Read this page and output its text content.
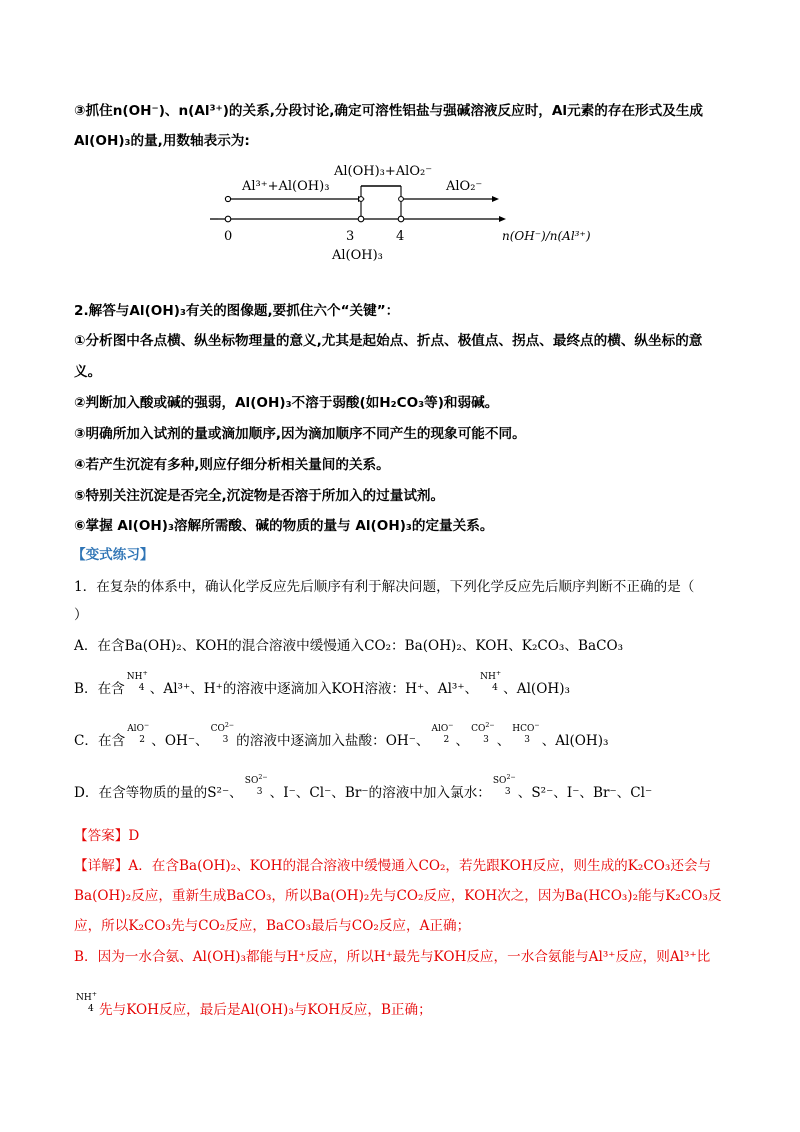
③抓住n(OH⁻)、n(Al³⁺)的关系,分段讨论,确定可溶性铝盐与强碱溶液反应时，Al元素的存在形式及生成
Al(OH)₃的量,用数轴表示为:
Al³⁺+Al(OH)₃
Al(OH)₃+AlO₂⁻
AlO₂⁻
0	3	4
Al(OH)₃
n(OH⁻)/n(Al³⁺)
2.解答与Al(OH)₃有关的图像题,要抓住六个“关键”：
①分析图中各点横、纵坐标物理量的意义,尤其是起始点、折点、极值点、拐点、最终点的横、纵坐标的意
义。
②判断加入酸或碱的强弱，Al(OH)₃不溶于弱酸(如H₂CO₃等)和弱碱。
③明确所加入试剂的量或滴加顺序,因为滴加顺序不同产生的现象可能不同。
④若产生沉淀有多种,则应仔细分析相关量间的关系。
⑤特别关注沉淀是否完全,沉淀物是否溶于所加入的过量试剂。
⑥掌握 Al(OH)₃溶解所需酸、碱的物质的量与 Al(OH)₃的定量关系。
【变式练习】
1．在复杂的体系中，确认化学反应先后顺序有利于解决问题，下列化学反应先后顺序判断不正确的是（
）
A．在含Ba(OH)₂、KOH的混合溶液中缓慢通入CO₂：Ba(OH)₂、KOH、K₂CO₃、BaCO₃
B．在含
NH+
4 、Al³⁺、H⁺的溶液中逐滴加入KOH溶液：H⁺、Al³⁺、
NH+
4 、Al(OH)₃
C．在含
AlO−
2 、OH⁻、
$CO^{2-}$
3 的溶液中逐滴加入盐酸：OH⁻、
AlO−
2 、
$CO^{2-}$
3 、
HCO−
3 、Al(OH)₃
D．在含等物质的量的S²⁻、
$SO^{2-}$
3 、I⁻、Cl⁻、Br⁻的溶液中加入氯水：
$SO^{2-}$
3 、S²⁻、I⁻、Br⁻、Cl⁻
【答案】D
【详解】A．在含Ba(OH)₂、KOH的混合溶液中缓慢通入CO₂，若先跟KOH反应，则生成的K₂CO₃还会与
Ba(OH)₂反应，重新生成BaCO₃，所以Ba(OH)₂先与CO₂反应，KOH次之，因为Ba(HCO₃)₂能与K₂CO₃反
应，所以K₂CO₃先与CO₂反应，BaCO₃最后与CO₂反应，A正确；
B．因为一水合氨、Al(OH)₃都能与H⁺反应，所以H⁺最先与KOH反应，一水合氨能与Al³⁺反应，则Al³⁺比
NH+
4 先与KOH反应，最后是Al(OH)₃与KOH反应，B正确；
